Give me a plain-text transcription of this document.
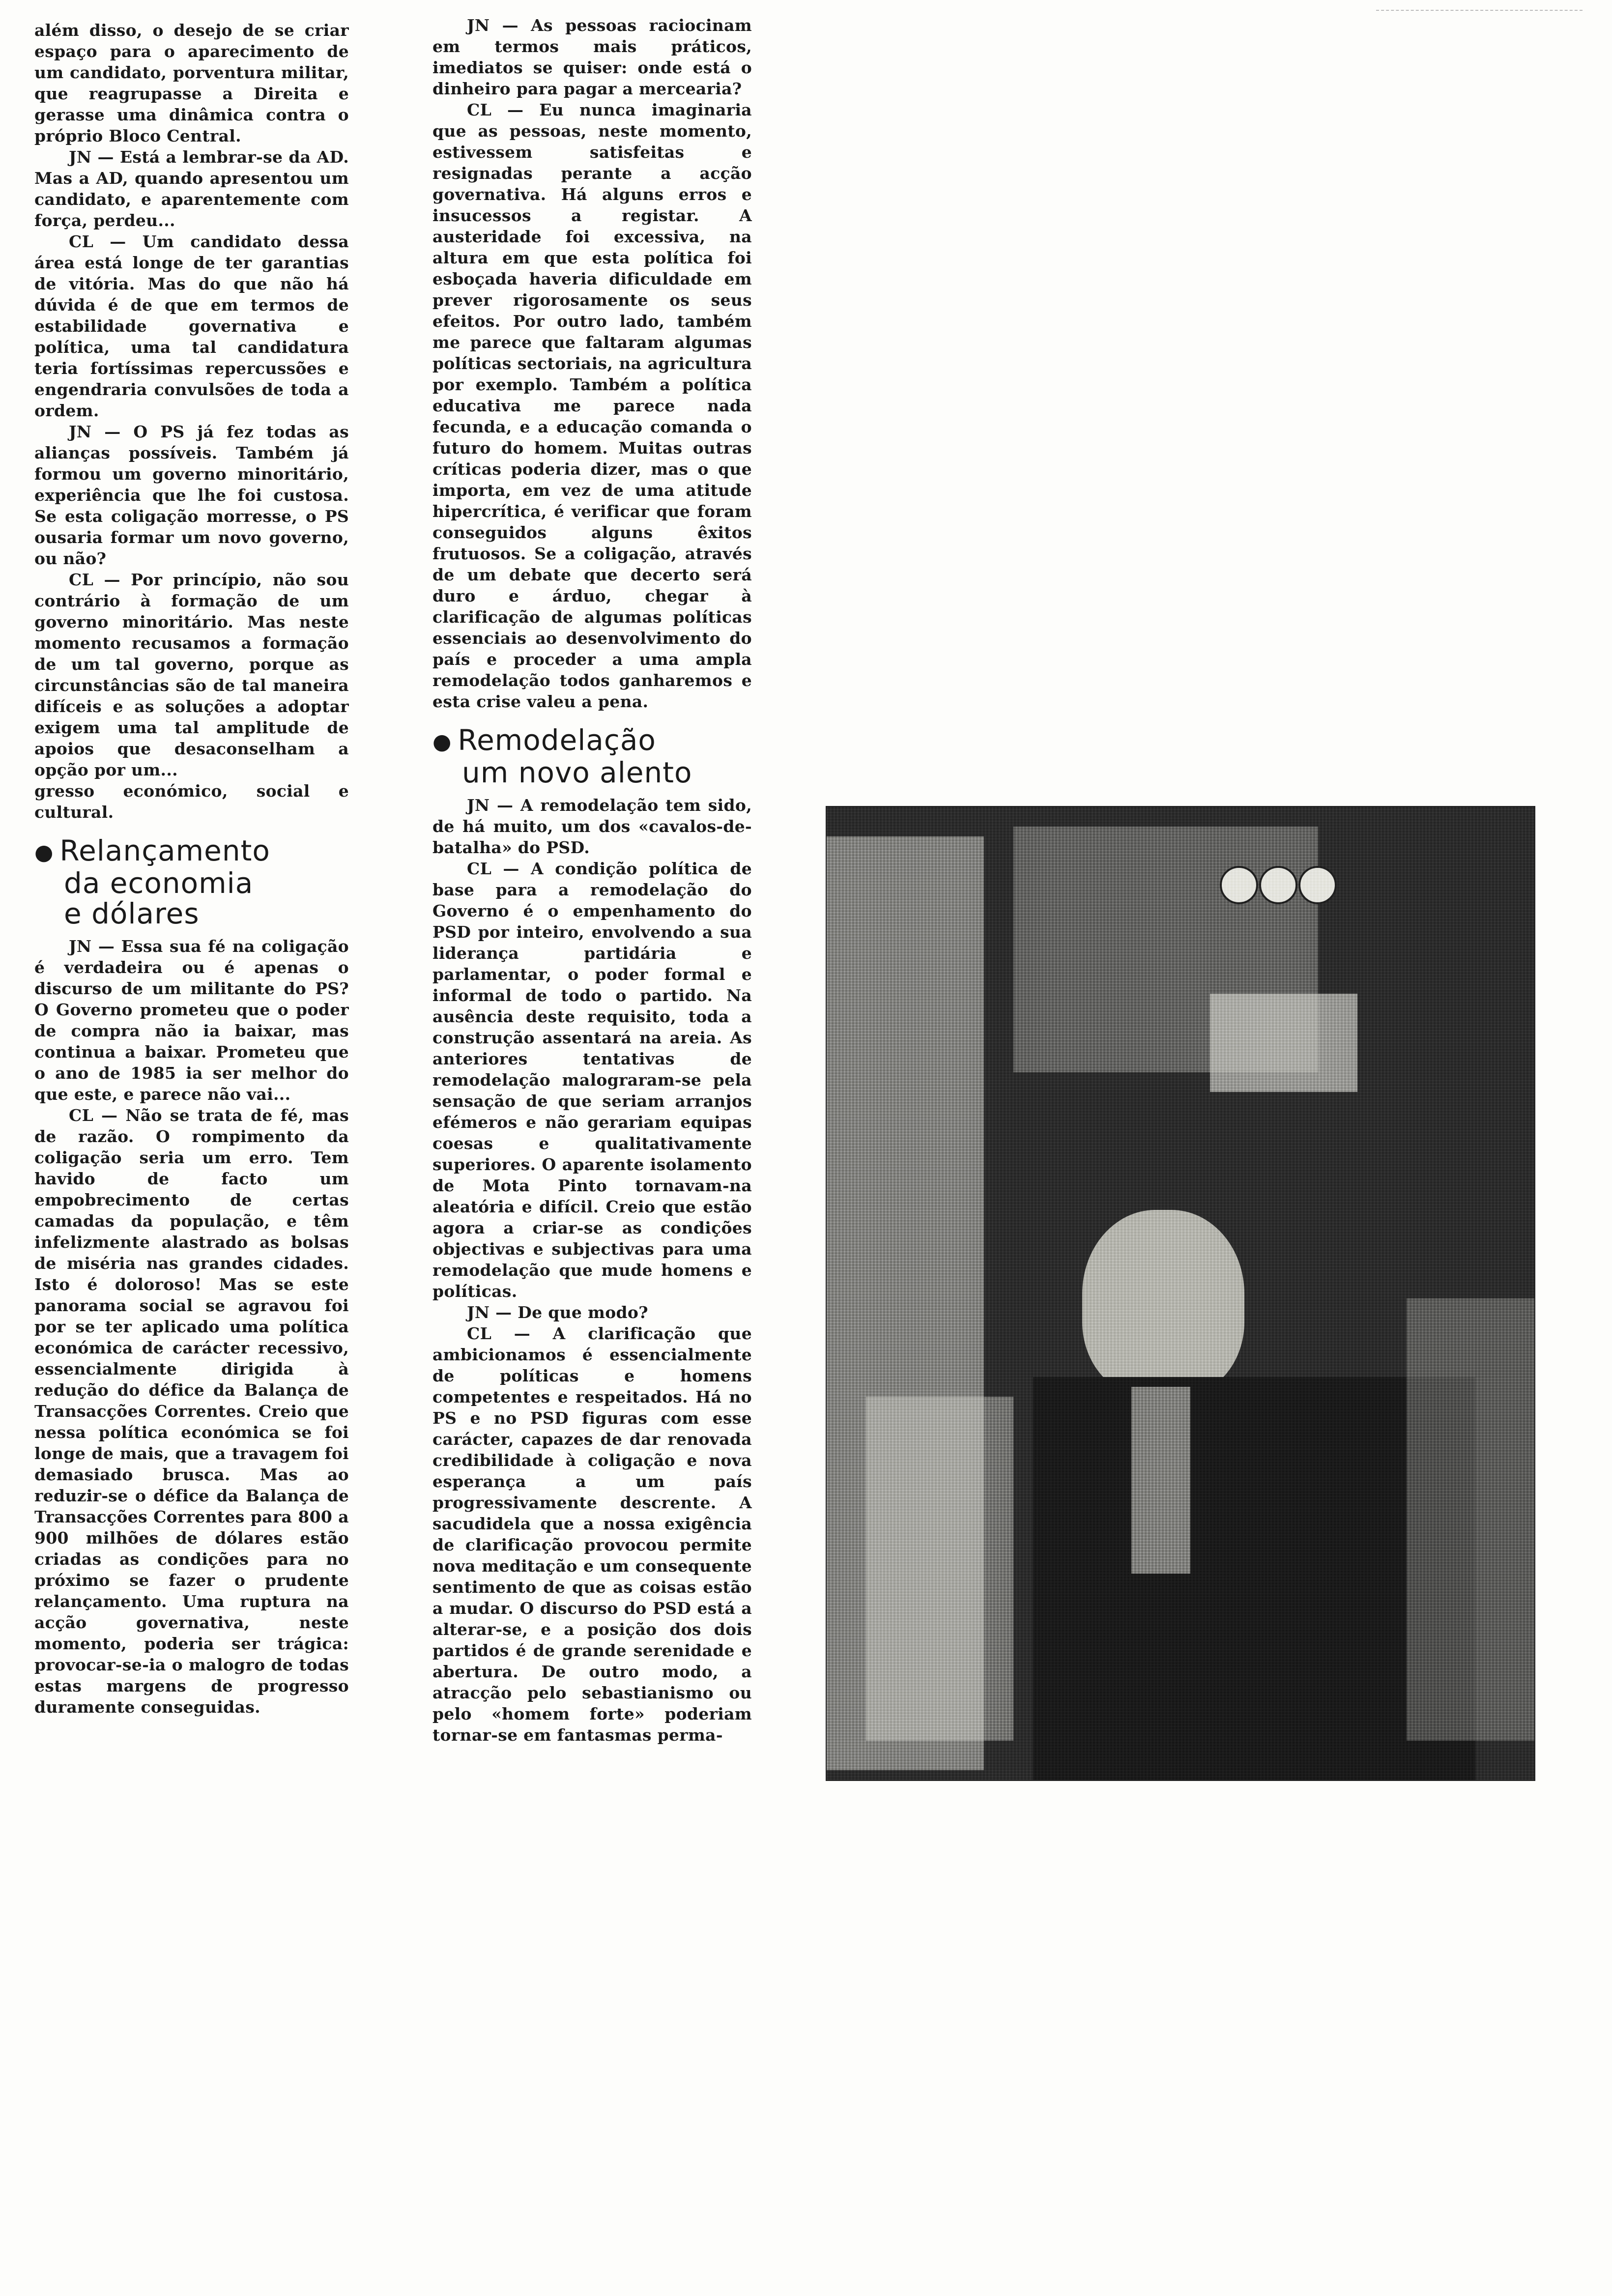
além disso, o desejo de se criar espaço para o aparecimento de um candidato, porventura militar, que reagrupasse a Direita e gerasse uma dinâmica contra o próprio Bloco Central.

JN — Está a lembrar-se da AD. Mas a AD, quando apresentou um candidato, e aparentemente com força, perdeu...

CL — Um candidato dessa área está longe de ter garantias de vitória. Mas do que não há dúvida é de que em termos de estabilidade governativa e política, uma tal candidatura teria fortíssimas repercussões e engendraria convulsões de toda a ordem.

JN — O PS já fez todas as alianças possíveis. Também já formou um governo minoritário, experiência que lhe foi custosa. Se esta coligação morresse, o PS ousaria formar um novo governo, ou não?

CL — Por princípio, não sou contrário à formação de um governo minoritário. Mas neste momento recusamos a formação de um tal governo, porque as circunstâncias são de tal maneira difíceis e as soluções a adoptar exigem uma tal amplitude de apoios que desaconselham a opção por um...

gresso económico, social e cultural.

● Relançamento
da economia
e dólares

JN — Essa sua fé na coligação é verdadeira ou é apenas o discurso de um militante do PS? O Governo prometeu que o poder de compra não ia baixar, mas continua a baixar. Prometeu que o ano de 1985 ia ser melhor do que este, e parece não vai...

CL — Não se trata de fé, mas de razão. O rompimento da coligação seria um erro. Tem havido de facto um empobrecimento de certas camadas da população, e têm infelizmente alastrado as bolsas de miséria nas grandes cidades. Isto é doloroso! Mas se este panorama social se agravou foi por se ter aplicado uma política económica de carácter recessivo, essencialmente dirigida à redução do défice da Balança de Transacções Correntes. Creio que nessa política económica se foi longe de mais, que a travagem foi demasiado brusca. Mas ao reduzir-se o défice da Balança de Transacções Correntes para 800 a 900 milhões de dólares estão criadas as condições para no próximo se fazer o prudente relançamento. Uma ruptura na acção governativa, neste momento, poderia ser trágica: provocar-se-ia o malogro de todas estas margens de progresso duramente conseguidas.

JN — As pessoas raciocinam em termos mais práticos, imediatos se quiser: onde está o dinheiro para pagar a mercearia?

CL — Eu nunca imaginaria que as pessoas, neste momento, estivessem satisfeitas e resignadas perante a acção governativa. Há alguns erros e insucessos a registar. A austeridade foi excessiva, na altura em que esta política foi esboçada haveria dificuldade em prever rigorosamente os seus efeitos. Por outro lado, também me parece que faltaram algumas políticas sectoriais, na agricultura por exemplo. Também a política educativa me parece nada fecunda, e a educação comanda o futuro do homem. Muitas outras críticas poderia dizer, mas o que importa, em vez de uma atitude hipercrítica, é verificar que foram conseguidos alguns êxitos frutuosos. Se a coligação, através de um debate que decerto será duro e árduo, chegar à clarificação de algumas políticas essenciais ao desenvolvimento do país e proceder a uma ampla remodelação todos ganharemos e esta crise valeu a pena.

● Remodelação
um novo alento

JN — A remodelação tem sido, de há muito, um dos «cavalos-de-batalha» do PSD.

CL — A condição política de base para a remodelação do Governo é o empenhamento do PSD por inteiro, envolvendo a sua liderança partidária e parlamentar, o poder formal e informal de todo o partido. Na ausência deste requisito, toda a construção assentará na areia. As anteriores tentativas de remodelação malograram-se pela sensação de que seriam arranjos efémeros e não gerariam equipas coesas e qualitativamente superiores. O aparente isolamento de Mota Pinto tornavam-na aleatória e difícil. Creio que estão agora a criar-se as condições objectivas e subjectivas para uma remodelação que mude homens e políticas.

JN — De que modo?

CL — A clarificação que ambicionamos é essencialmente de políticas e homens competentes e respeitados. Há no PS e no PSD figuras com esse carácter, capazes de dar renovada credibilidade à coligação e nova esperança a um país progressivamente descrente. A sacudidela que a nossa exigência de clarificação provocou permite nova meditação e um consequente sentimento de que as coisas estão a mudar. O discurso do PSD está a alterar-se, e a posição dos dois partidos é de grande serenidade e abertura. De outro modo, a atracção pelo sebastianismo ou pelo «homem forte» poderiam tornar-se em fantasmas perma-
